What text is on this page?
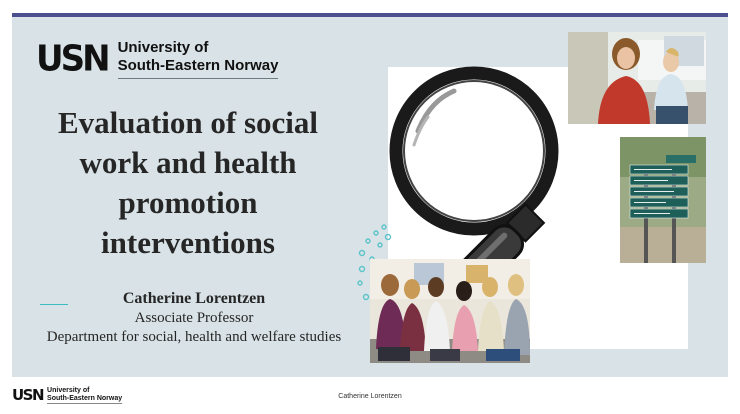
USN University of
South-Eastern Norway
Evaluation of social
work and health
promotion
interventions
Catherine Lorentzen
Associate Professor
Department for social, health and welfare studies
USN University of
South-Eastern Norway	Catherine Lorentzen
